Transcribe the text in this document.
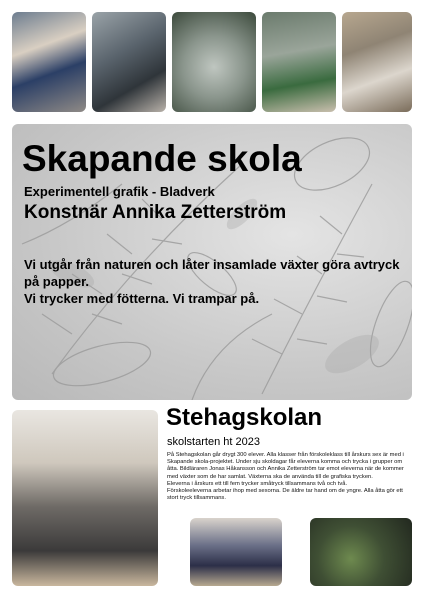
Skapande skola
Experimentell grafik - Bladverk
Konstnär Annika Zetterström

Vi utgår från naturen och låter insamlade växter göra avtryck på papper.

Vi trycker med fötterna. Vi trampar på.

Stehagskolan
skolstarten ht 2023

På Stehagskolan går drygt 300 elever. Alla klasser från förskoleklass till årskurs sex är med i Skapande skola-projektet. Under sju skoldagar får eleverna komma och trycka i grupper om åtta. Bildläraren Jonas Håkansson och Annika Zetterström tar emot eleverna när de kommer med växter som de har samlat. Växterna ska de använda till de grafiska trycken.

Eleverna i årskurs ett till fem trycker småtryck tillsammans två och två.

Förskoleeleverna arbetar ihop med sexorna. De äldre tar hand om de yngre. Alla åtta gör ett stort tryck tillsammans.
